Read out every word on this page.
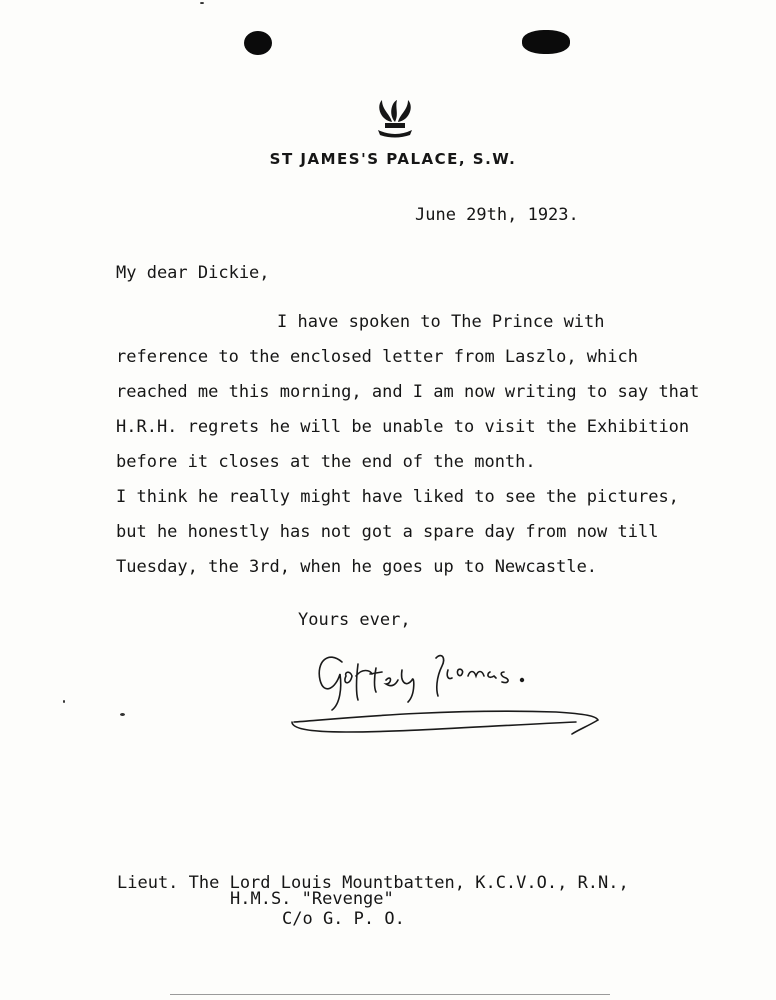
ST JAMES'S PALACE, S.W.
June 29th, 1923.
My dear Dickie,
I have spoken to The Prince with
reference to the enclosed letter from Laszlo, which
reached me this morning, and I am now writing to say that
H.R.H. regrets he will be unable to visit the Exhibition
before it closes at the end of the month.
I think he really might have liked to see the pictures,
but he honestly has not got a spare day from now till
Tuesday, the 3rd, when he goes up to Newcastle.
Yours ever,
Lieut. The Lord Louis Mountbatten, K.C.V.O., R.N.,
H.M.S. "Revenge"
C/o G. P. O.
